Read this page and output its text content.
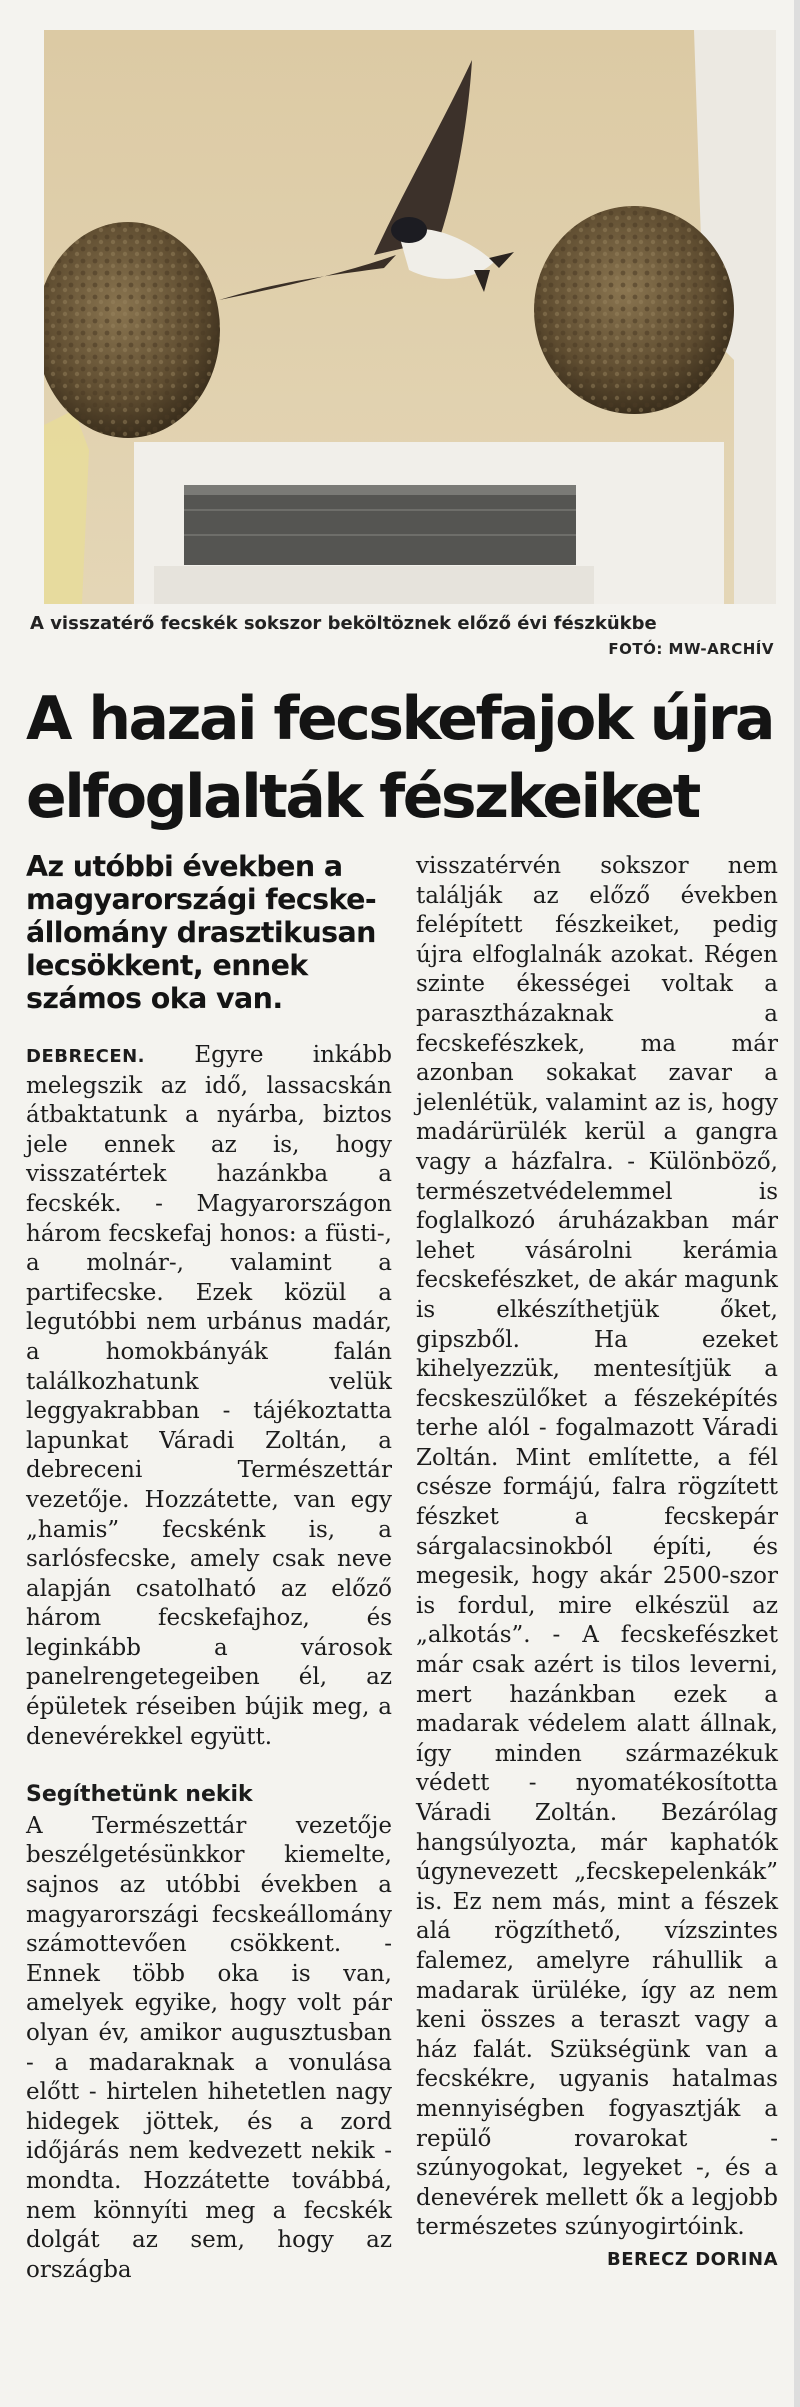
A visszatérő fecskék sokszor beköltöznek előző évi fészkükbe
FOTÓ: MW-ARCHÍV
A hazai fecskefajok újra
elfoglalták fészkeiket

Az utóbbi években a magyarországi fecskeállomány drasztikusan lecsökkent, ennek számos oka van.

DEBRECEN. Egyre inkább melegszik az idő, lassacskán átbaktatunk a nyárba, biztos jele ennek az is, hogy visszatértek hazánkba a fecskék. - Magyarországon három fecskefaj honos: a füsti-, a molnár-, valamint a partifecske. Ezek közül a legutóbbi nem urbánus madár, a homokbányák falán találkozhatunk velük leggyakrabban - tájékoztatta lapunkat Váradi Zoltán, a debreceni Természettár vezetője. Hozzátette, van egy „hamis” fecskénk is, a sarlósfecske, amely csak neve alapján csatolható az előző három fecskefajhoz, és leginkább a városok panelrengetegeiben él, az épületek réseiben bújik meg, a denevérekkel együtt.

Segíthetünk nekik

A Természettár vezetője beszélgetésünkkor kiemelte, sajnos az utóbbi években a magyarországi fecskeállomány számottevően csökkent. - Ennek több oka is van, amelyek egyike, hogy volt pár olyan év, amikor augusztusban - a madaraknak a vonulása előtt - hirtelen hihetetlen nagy hidegek jöttek, és a zord időjárás nem kedvezett nekik - mondta. Hozzátette továbbá, nem könnyíti meg a fecskék dolgát az sem, hogy az országba

visszatérvén sokszor nem találják az előző években felépített fészkeiket, pedig újra elfoglalnák azokat. Régen szinte ékességei voltak a parasztházaknak a fecskefészkek, ma már azonban sokakat zavar a jelenlétük, valamint az is, hogy madárürülék kerül a gangra vagy a házfalra. - Különböző, természetvédelemmel is foglalkozó áruházakban már lehet vásárolni kerámia fecskefészket, de akár magunk is elkészíthetjük őket, gipszből. Ha ezeket kihelyezzük, mentesítjük a fecskeszülőket a fészeképítés terhe alól - fogalmazott Váradi Zoltán. Mint említette, a fél csésze formájú, falra rögzített fészket a fecskepár sárgalacsinokból építi, és megesik, hogy akár 2500-szor is fordul, mire elkészül az „alkotás”. - A fecskefészket már csak azért is tilos leverni, mert hazánkban ezek a madarak védelem alatt állnak, így minden származékuk védett - nyomatékosította Váradi Zoltán. Bezárólag hangsúlyozta, már kaphatók úgynevezett „fecskepelenkák” is. Ez nem más, mint a fészek alá rögzíthető, vízszintes falemez, amelyre ráhullik a madarak ürüléke, így az nem keni összes a teraszt vagy a ház falát. Szükségünk van a fecskékre, ugyanis hatalmas mennyiségben fogyasztják a repülő rovarokat - szúnyogokat, legyeket -, és a denevérek mellett ők a legjobb természetes szúnyogirtóink.

BERECZ DORINA
